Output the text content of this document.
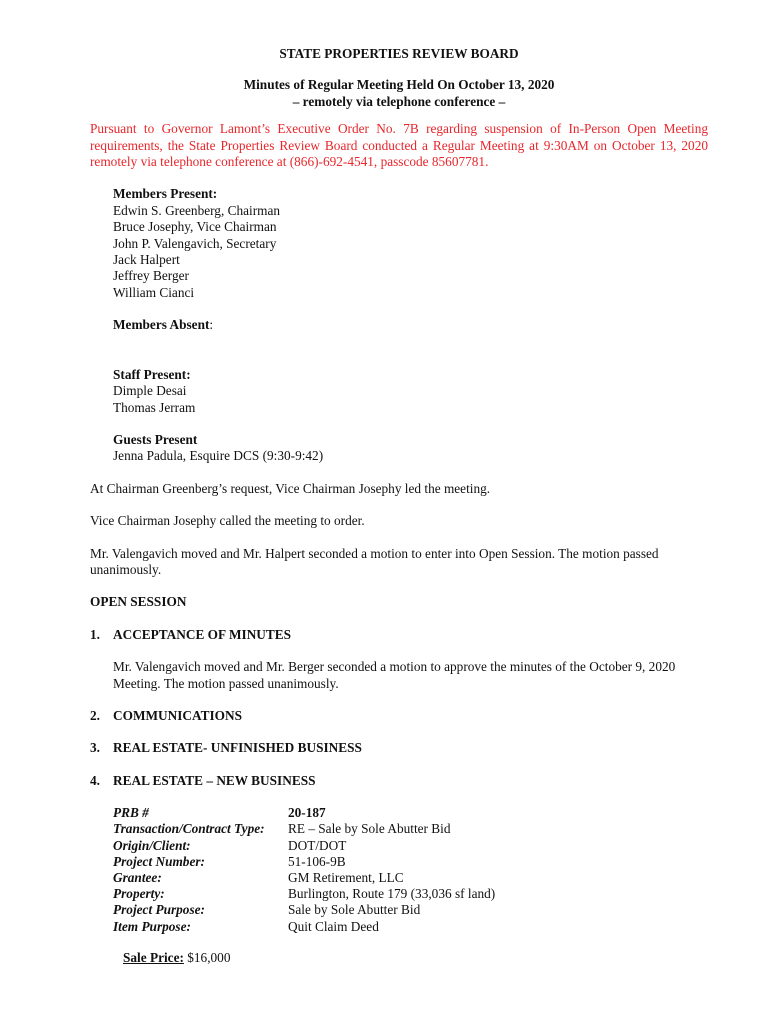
STATE PROPERTIES REVIEW BOARD
Minutes of Regular Meeting Held On October 13, 2020
– remotely via telephone conference –
Pursuant to Governor Lamont’s Executive Order No. 7B regarding suspension of In-Person Open Meeting requirements, the State Properties Review Board conducted a Regular Meeting at 9:30AM on October 13, 2020 remotely via telephone conference at (866)-692-4541, passcode 85607781.
Members Present:
Edwin S. Greenberg, Chairman
Bruce Josephy, Vice Chairman
John P. Valengavich, Secretary
Jack Halpert
Jeffrey Berger
William Cianci
Members Absent:
Staff Present:
Dimple Desai
Thomas Jerram
Guests Present
Jenna Padula, Esquire DCS (9:30-9:42)
At Chairman Greenberg’s request, Vice Chairman Josephy led the meeting.
Vice Chairman Josephy called the meeting to order.
Mr. Valengavich moved and Mr. Halpert seconded a motion to enter into Open Session. The motion passed unanimously.
OPEN SESSION
1. ACCEPTANCE OF MINUTES
Mr. Valengavich moved and Mr. Berger seconded a motion to approve the minutes of the October 9, 2020 Meeting. The motion passed unanimously.
2. COMMUNICATIONS
3. REAL ESTATE- UNFINISHED BUSINESS
4. REAL ESTATE – NEW BUSINESS
PRB #	20-187
Transaction/Contract Type:	RE – Sale by Sole Abutter Bid
Origin/Client:	DOT/DOT
Project Number:	51-106-9B
Grantee:	GM Retirement, LLC
Property:	Burlington, Route 179 (33,036 sf land)
Project Purpose:	Sale by Sole Abutter Bid
Item Purpose:	Quit Claim Deed
Sale Price: $16,000
